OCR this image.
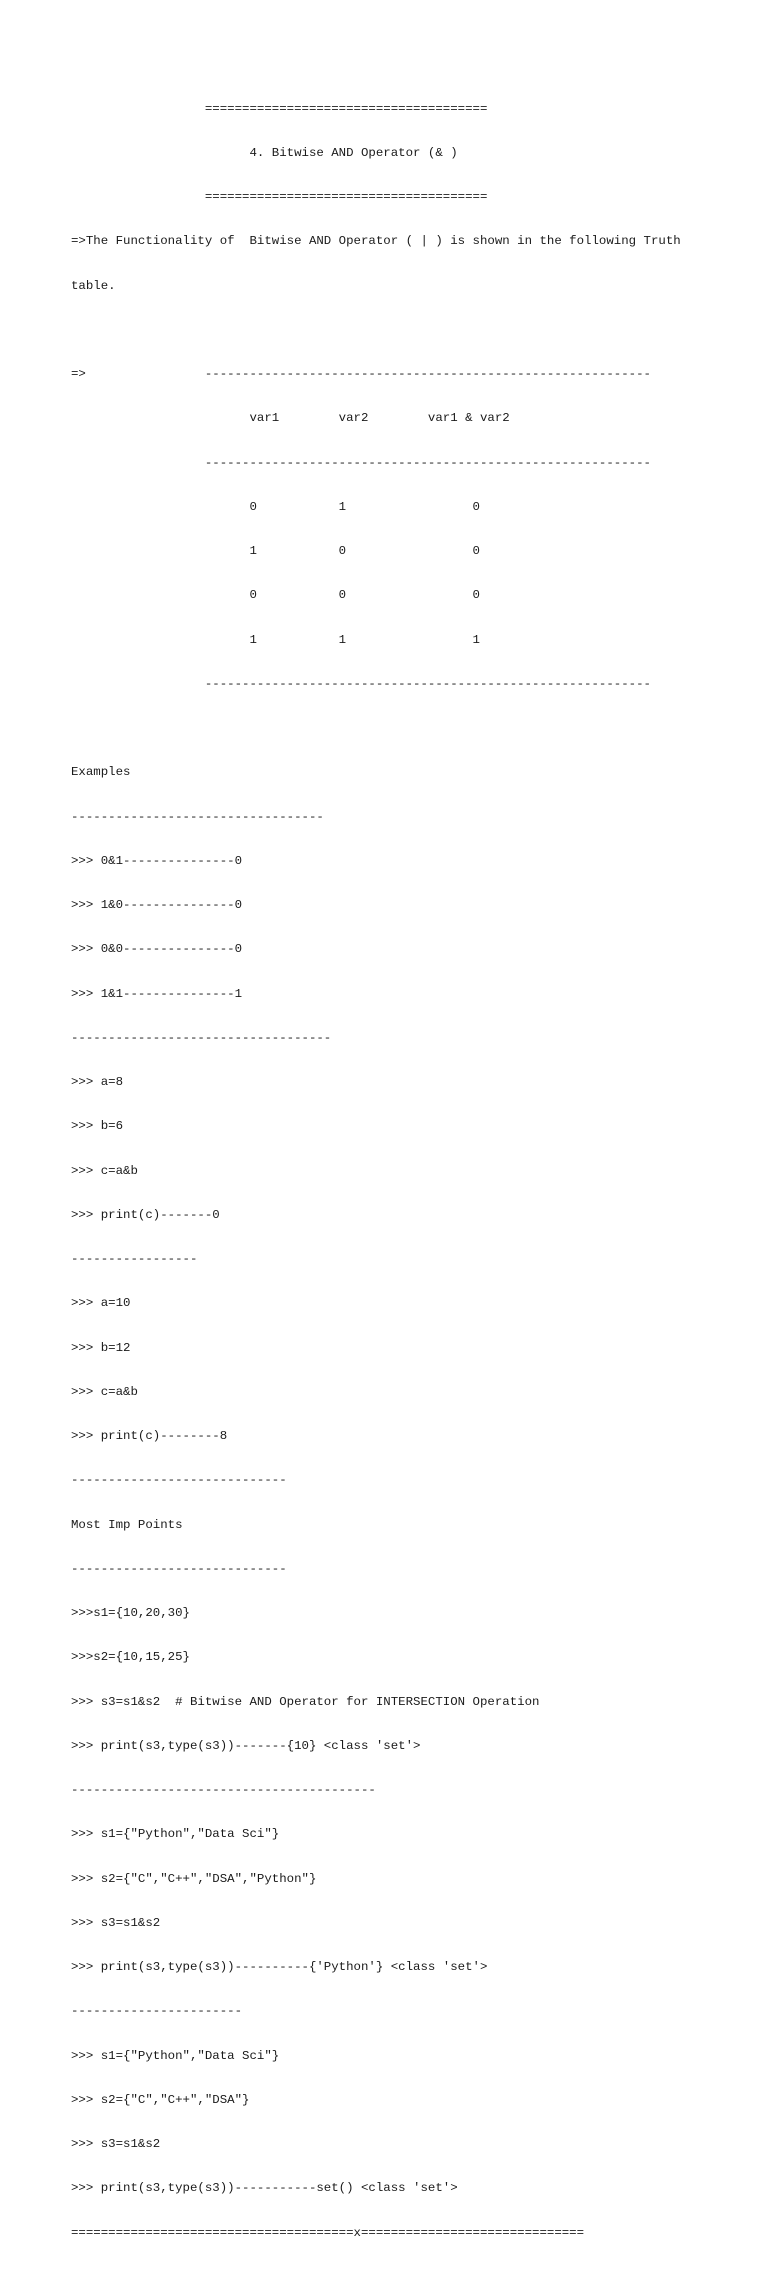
======================================

4. Bitwise AND Operator (& )

======================================

=>The Functionality of  Bitwise AND Operator ( | ) is shown in the following Truth

table.

=>                ------------------------------------------------------------

var1        var2        var1 & var2

------------------------------------------------------------

0           1                 0

1           0                 0

0           0                 0

1           1                 1

------------------------------------------------------------

Examples

----------------------------------

>>> 0&1---------------0

>>> 1&0---------------0

>>> 0&0---------------0

>>> 1&1---------------1

-----------------------------------

>>> a=8

>>> b=6

>>> c=a&b

>>> print(c)-------0

-----------------

>>> a=10

>>> b=12

>>> c=a&b

>>> print(c)--------8

-----------------------------

Most Imp Points

-----------------------------

>>>s1={10,20,30}

>>>s2={10,15,25}

>>> s3=s1&s2  # Bitwise AND Operator for INTERSECTION Operation

>>> print(s3,type(s3))-------{10} <class 'set'>

-----------------------------------------

>>> s1={"Python","Data Sci"}

>>> s2={"C","C++","DSA","Python"}

>>> s3=s1&s2

>>> print(s3,type(s3))----------{'Python'} <class 'set'>

-----------------------

>>> s1={"Python","Data Sci"}

>>> s2={"C","C++","DSA"}

>>> s3=s1&s2

>>> print(s3,type(s3))-----------set() <class 'set'>

======================================x==============================
